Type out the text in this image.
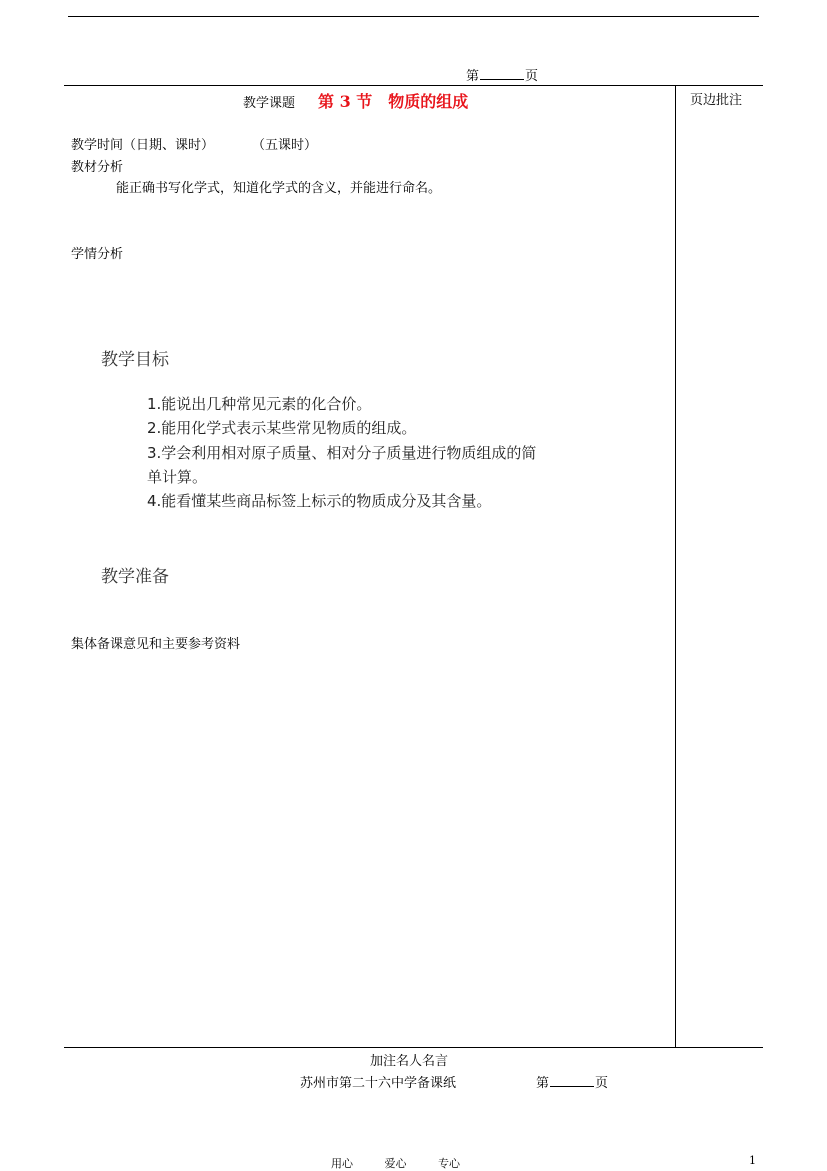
第	页
教学课题 第 3 节　物质的组成	页边批注
教学时间（日期、课时）	（五课时）
教材分析
能正确书写化学式，知道化学式的含义，并能进行命名。
学情分析
教学目标
1.能说出几种常见元素的化合价。
2.能用化学式表示某些常见物质的组成。
3.学会利用相对原子质量、相对分子质量进行物质组成的简
单计算。
4.能看懂某些商品标签上标示的物质成分及其含量。
教学准备
集体备课意见和主要参考资料
加注名人名言
苏州市第二十六中学备课纸	第	页
用心	爱心	专心	1
